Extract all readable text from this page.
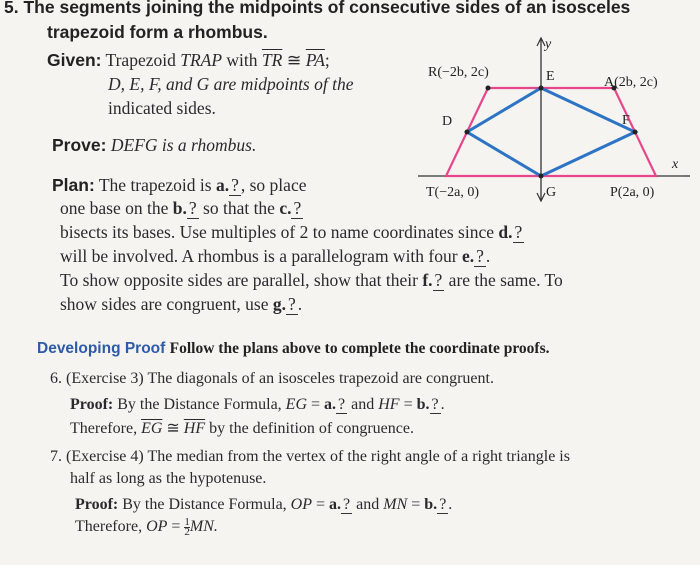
5. The segments joining the midpoints of consecutive sides of an isosceles
trapezoid form a rhombus.
Given: Trapezoid TRAP with $\overline{TR}$ ≅ $\overline{PA}$;
D, E, F, and G are midpoints of the
indicated sides.
Prove: DEFG is a rhombus.
y
R(−2b, 2c)	E	A(2b, 2c)
D	F
x
T(−2a, 0)	G	P(2a, 0)
Plan: The trapezoid is a. ? , so place
one base on the b. ? so that the c. ?
bisects its bases. Use multiples of 2 to name coordinates since d. ?
will be involved. A rhombus is a parallelogram with four e. ? .
To show opposite sides are parallel, show that their f. ? are the same. To
show sides are congruent, use g. ? .
Developing Proof Follow the plans above to complete the coordinate proofs.
6. (Exercise 3) The diagonals of an isosceles trapezoid are congruent.
Proof: By the Distance Formula, EG = a. ? and HF = b. ? .
Therefore, $\overline{EG}$ ≅ $\overline{HF}$ by the definition of congruence.
7. (Exercise 4) The median from the vertex of the right angle of a right triangle is
half as long as the hypotenuse.
Proof: By the Distance Formula, OP = a. ? and MN = b. ? .
Therefore, OP = $\frac{1}{2}$ MN.
